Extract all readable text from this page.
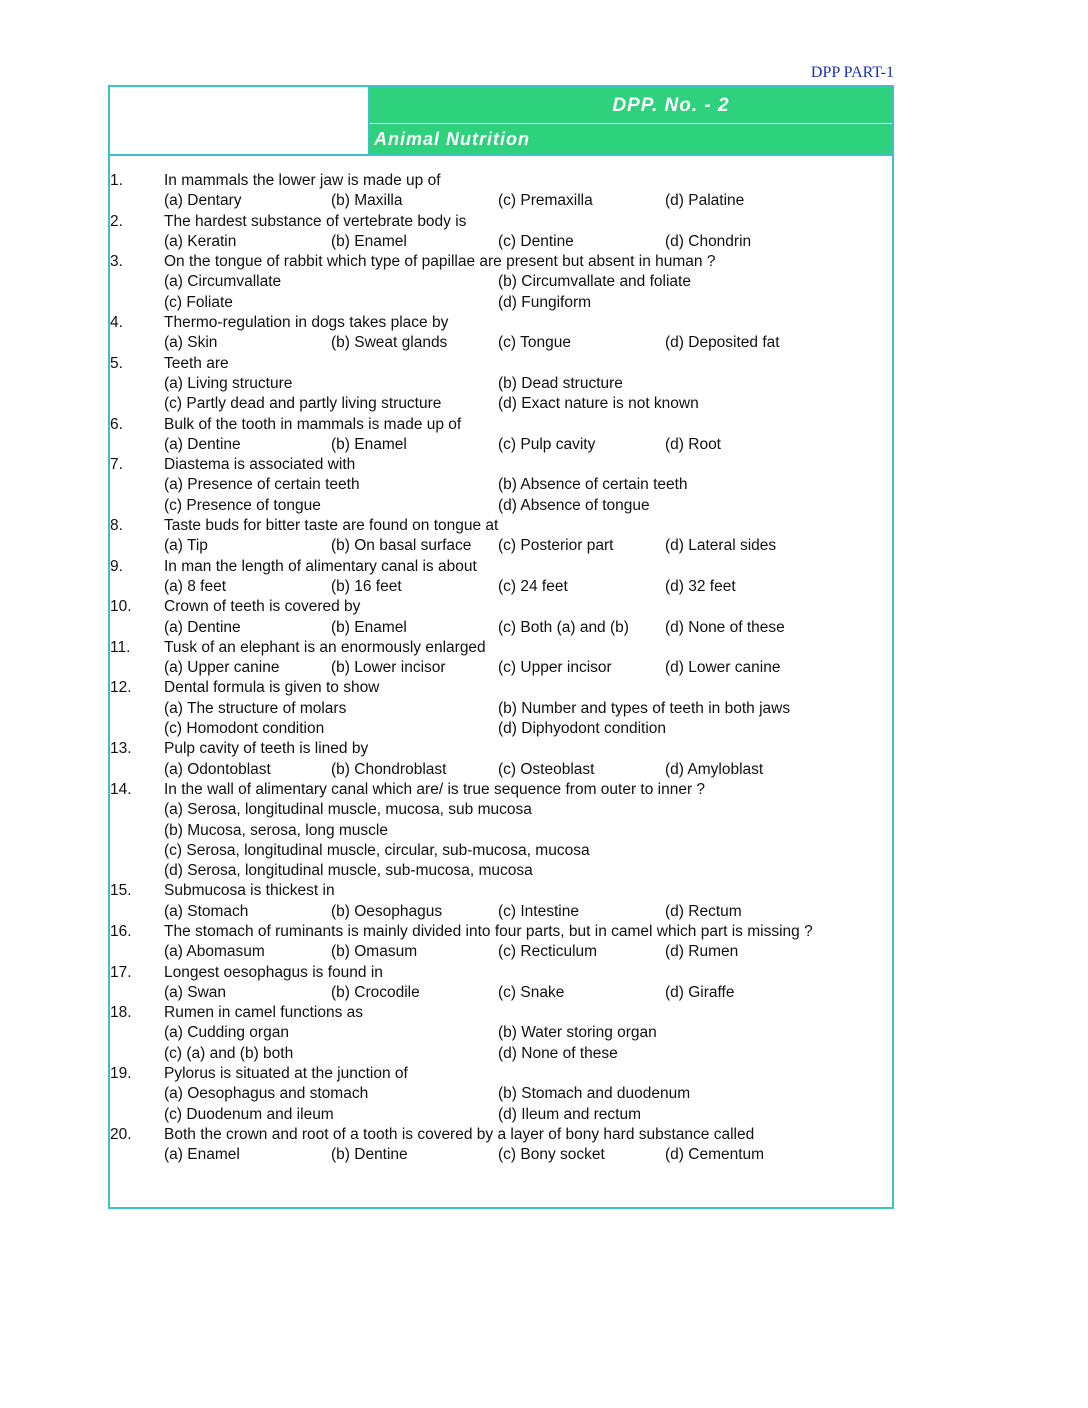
DPP PART-1
DPP. No. - 2
Animal Nutrition
1.	In mammals the lower jaw is made up of
(a) Dentary	(b) Maxilla	(c) Premaxilla	(d) Palatine
2.	The hardest substance of vertebrate body is
(a) Keratin	(b) Enamel	(c) Dentine	(d) Chondrin
3.	On the tongue of rabbit which type of papillae are present but absent in human ?
(a) Circumvallate	(b) Circumvallate and foliate
(c) Foliate	(d) Fungiform
4.	Thermo-regulation in dogs takes place by
(a) Skin	(b) Sweat glands	(c) Tongue	(d) Deposited fat
5.	Teeth are
(a) Living structure	(b) Dead structure
(c) Partly dead and partly living structure	(d) Exact nature is not known
6.	Bulk of the tooth in mammals is made up of
(a) Dentine	(b) Enamel	(c) Pulp cavity	(d) Root
7.	Diastema is associated with
(a) Presence of certain teeth	(b) Absence of certain teeth
(c) Presence of tongue	(d) Absence of tongue
8.	Taste buds for bitter taste are found on tongue at
(a) Tip	(b) On basal surface (c) Posterior part	(d) Lateral sides
9.	In man the length of alimentary canal is about
(a) 8 feet	(b) 16 feet	(c) 24 feet	(d) 32 feet
10. Crown of teeth is covered by
(a) Dentine	(b) Enamel	(c) Both (a) and (b) (d) None of these
11. Tusk of an elephant is an enormously enlarged
(a) Upper canine	(b) Lower incisor	(c) Upper incisor	(d) Lower canine
12. Dental formula is given to show
(a) The structure of molars	(b) Number and types of teeth in both jaws
(c) Homodont condition	(d) Diphyodont condition
13. Pulp cavity of teeth is lined by
(a) Odontoblast	(b) Chondroblast	(c) Osteoblast	(d) Amyloblast
14. In the wall of alimentary canal which are/ is true sequence from outer to inner ?
(a) Serosa, longitudinal muscle, mucosa, sub mucosa
(b) Mucosa, serosa, long muscle
(c) Serosa, longitudinal muscle, circular, sub-mucosa, mucosa
(d) Serosa, longitudinal muscle, sub-mucosa, mucosa
15. Submucosa is thickest in
(a) Stomach	(b) Oesophagus	(c) Intestine	(d) Rectum
16. The stomach of ruminants is mainly divided into four parts, but in camel which part is missing ?
(a) Abomasum	(b) Omasum	(c) Recticulum	(d) Rumen
17. Longest oesophagus is found in
(a) Swan	(b) Crocodile	(c) Snake	(d) Giraffe
18. Rumen in camel functions as
(a) Cudding organ	(b) Water storing organ
(c) (a) and (b) both	(d) None of these
19. Pylorus is situated at the junction of
(a) Oesophagus and stomach	(b) Stomach and duodenum
(c) Duodenum and ileum	(d) Ileum and rectum
20. Both the crown and root of a tooth is covered by a layer of bony hard substance called
(a) Enamel	(b) Dentine	(c) Bony socket	(d) Cementum
